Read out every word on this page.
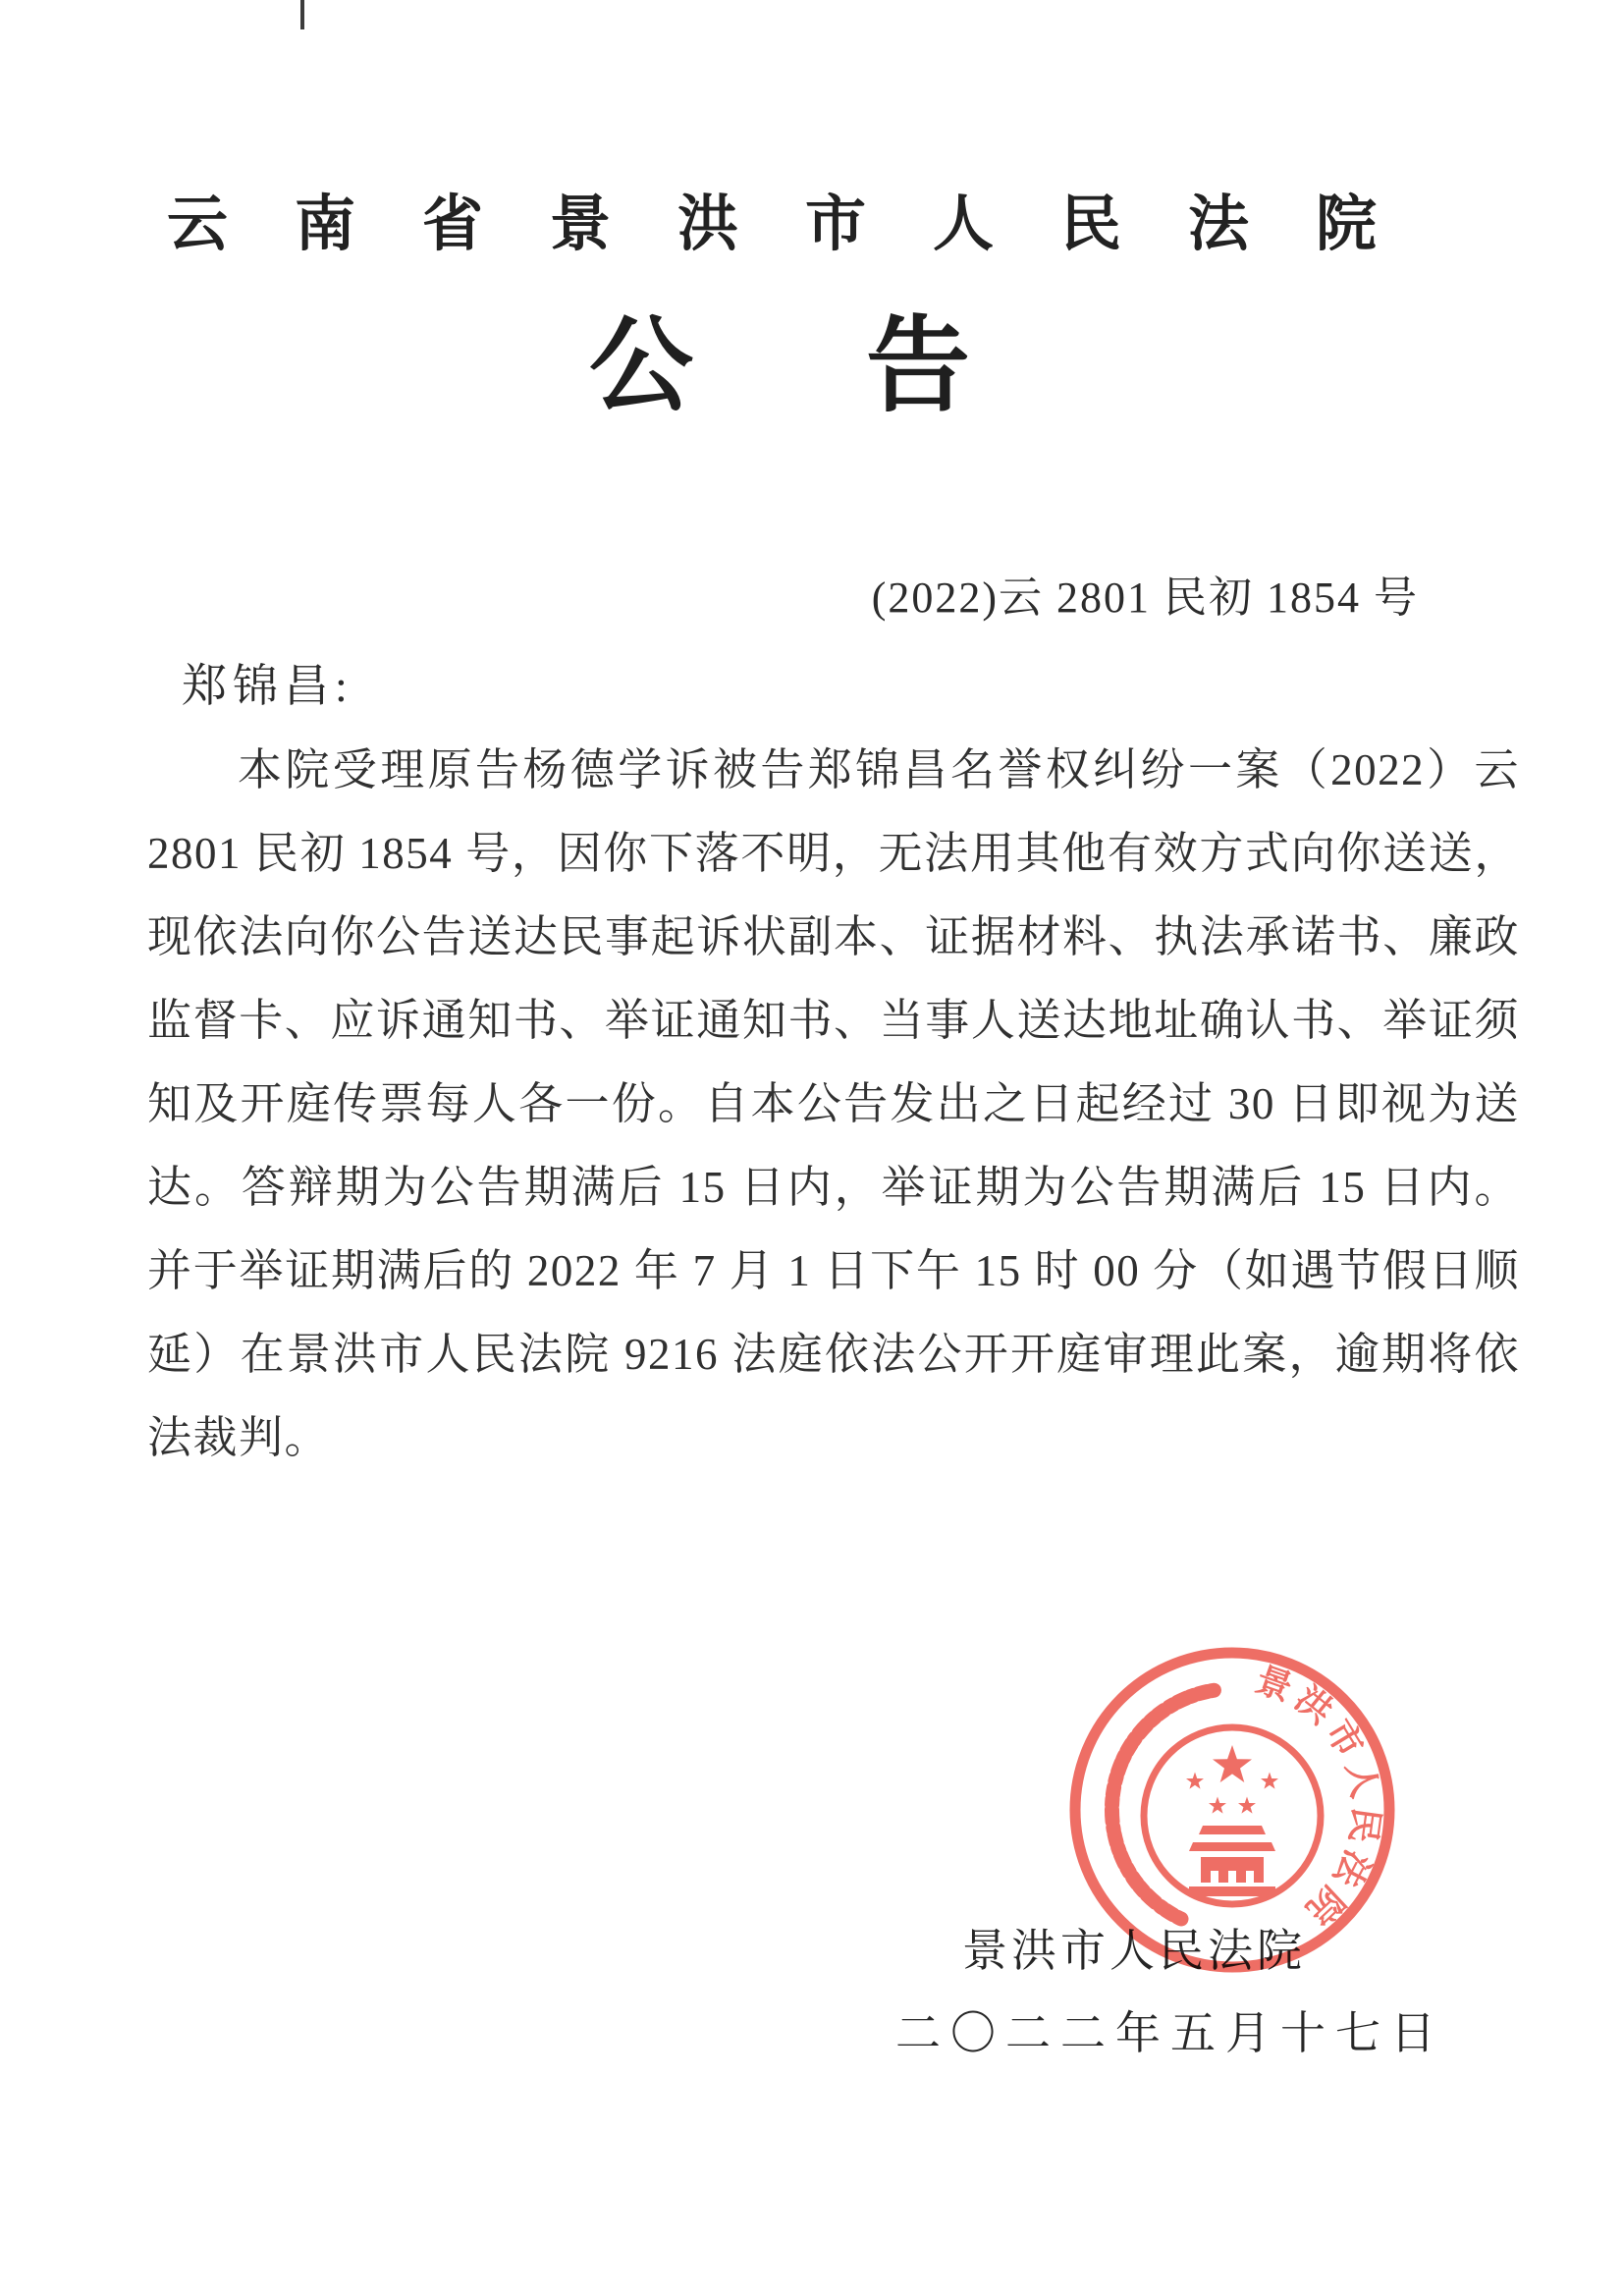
云南省景洪市人民法院
公告
(2022)云 2801 民初 1854 号
郑锦昌:

本院受理原告杨德学诉被告郑锦昌名誉权纠纷一案（2022）云 2801 民初 1854 号，因你下落不明，无法用其他有效方式向你送送，现依法向你公告送达民事起诉状副本、证据材料、执法承诺书、廉政监督卡、应诉通知书、举证通知书、当事人送达地址确认书、举证须知及开庭传票每人各一份。自本公告发出之日起经过 30 日即视为送达。答辩期为公告期满后 15 日内，举证期为公告期满后 15 日内。并于举证期满后的 2022 年 7 月 1 日下午 15 时 00 分（如遇节假日顺延）在景洪市人民法院 9216 法庭依法公开开庭审理此案，逾期将依法裁判。

景洪市人民法院
景洪市人民法院
二〇二二年五月十七日
